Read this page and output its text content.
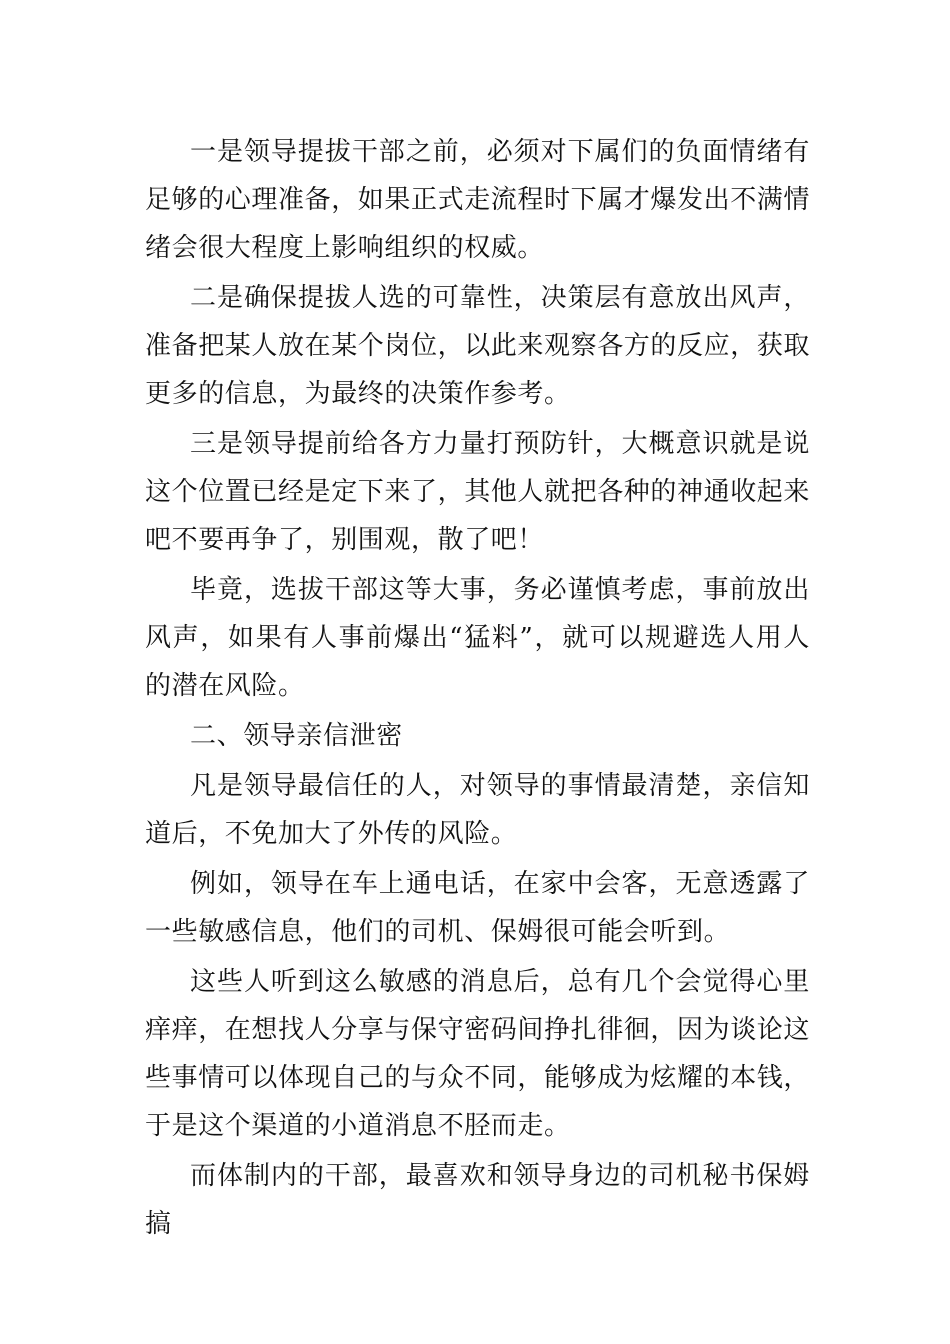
一是领导提拔干部之前，必须对下属们的负面情绪有足够的心理准备，如果正式走流程时下属才爆发出不满情绪会很大程度上影响组织的权威。

二是确保提拔人选的可靠性，决策层有意放出风声，准备把某人放在某个岗位，以此来观察各方的反应，获取更多的信息，为最终的决策作参考。

三是领导提前给各方力量打预防针，大概意识就是说这个位置已经是定下来了，其他人就把各种的神通收起来吧不要再争了，别围观，散了吧！

毕竟，选拔干部这等大事，务必谨慎考虑，事前放出风声，如果有人事前爆出“猛料”，就可以规避选人用人的潜在风险。

二、领导亲信泄密

凡是领导最信任的人，对领导的事情最清楚，亲信知道后，不免加大了外传的风险。

例如，领导在车上通电话，在家中会客，无意透露了一些敏感信息，他们的司机、保姆很可能会听到。

这些人听到这么敏感的消息后，总有几个会觉得心里痒痒，在想找人分享与保守密码间挣扎徘徊，因为谈论这些事情可以体现自己的与众不同，能够成为炫耀的本钱，于是这个渠道的小道消息不胫而走。

而体制内的干部，最喜欢和领导身边的司机秘书保姆搞
